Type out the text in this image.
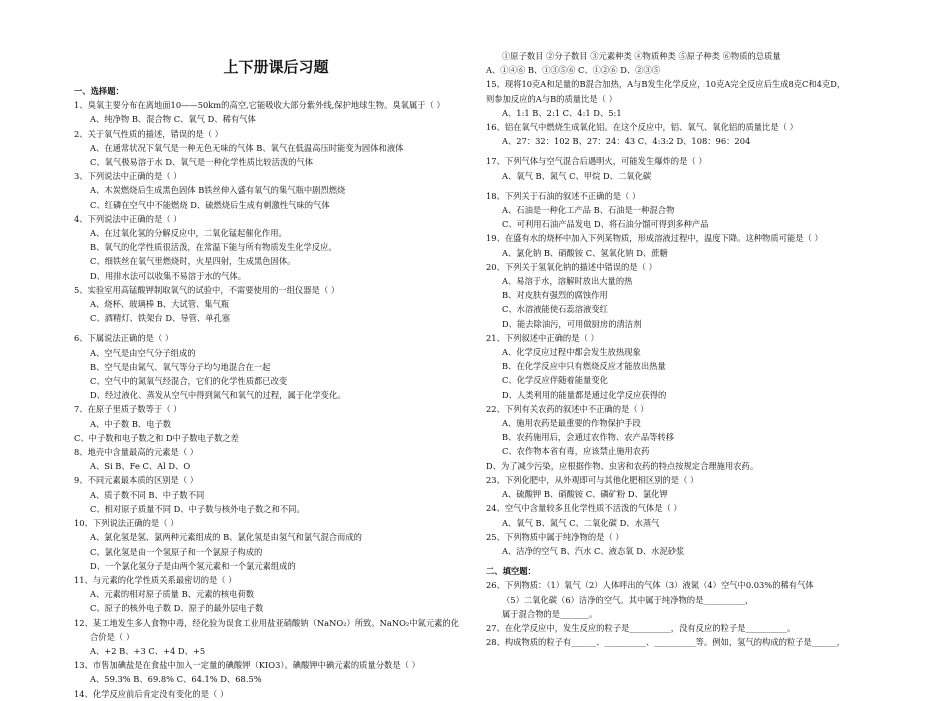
上下册课后习题
一、选择题：
1、臭氧主要分布在离地面10——50km的高空,它能吸收大部分紫外线,保护地球生物。臭氧属于（ ）
A、纯净物 B、混合物 C、氧气 D、稀有气体
2、关于氧气性质的描述，错误的是（ ）
A、在通常状况下氧气是一种无色无味的气体 B、氧气在低温高压时能变为固体和液体
C、氧气极易溶于水 D、氧气是一种化学性质比较活泼的气体
3、下列说法中正确的是（ ）
A、木炭燃烧后生成黑色固体 B铁丝伸入盛有氧气的集气瓶中剧烈燃烧
C、红磷在空气中不能燃烧 D、硫燃烧后生成有刺激性气味的气体
4、下列说法中正确的是（ ）
A、在过氧化氢的分解反应中，二氧化锰起催化作用。
B、氧气的化学性质很活泼，在常温下能与所有物质发生化学反应。
C、细铁丝在氧气里燃烧时，火星四射，生成黑色固体。
D、用排水法可以收集不易溶于水的气体。
5、实验室用高锰酸钾制取氧气的试验中，不需要使用的一组仪器是（ ）
A、烧杯、玻璃棒 B、大试管、集气瓶
C、酒精灯、铁架台 D、导管、单孔塞
6、下属说法正确的是（ ）
A、空气是由空气分子组成的
B、空气是由氮气、氧气等分子均匀地混合在一起
C、空气中的氮氧气经混合，它们的化学性质都已改变
D、经过液化、蒸发从空气中得到氮气和氧气的过程，属于化学变化。
7、在原子里质子数等于（ ）
A、中子数 B、电子数
C、中子数和电子数之和 D中子数电子数之差
8、地壳中含量最高的元素是（ ）
A、Si B、Fe C、Al D、O
9、不同元素最本质的区别是（ ）
A、质子数不同 B、中子数不同
C、相对原子质量不同 D、中子数与核外电子数之和不同。
10、下列说法正确的是（ ）
A、氯化氢是氢、氯两种元素组成的 B、氯化氢是由氢气和氯气混合而成的
C、氯化氢是由一个氢原子和一个氯原子构成的
D、一个氯化氢分子是由两个氢元素和一个氯元素组成的
11、与元素的化学性质关系最密切的是（ ）
A、元素的相对原子质量 B、元素的核电荷数
C、原子的核外电子数 D、原子的最外层电子数
12、某工地发生多人食物中毒，经化验为误食工业用盐亚硝酸钠（NaNO₂）所致。NaNO₂中氮元素的化
合价是（ ）
A、+2 B、+3 C、+4 D、+5
13、市售加碘盐是在食盐中加入一定量的碘酸钾（KIO3）。碘酸钾中碘元素的质量分数是（ ）
A、59.3% B、69.8% C、64.1% D、68.5%
14、化学反应前后肯定没有变化的是（ ）
①原子数目 ②分子数目 ③元素种类 ④物质种类 ⑤原子种类 ⑥物质的总质量
A、①④⑥ B、①③⑤⑥ C、①②⑥ D、②③⑤
15、现将10克A和足量的B混合加热，A与B发生化学反应，10克A完全反应后生成8克C和4克D，
则参加反应的A与B的质量比是（ ）
A、1:1 B、2:1 C、4:1 D、5:1
16、铝在氧气中燃烧生成氧化铝。在这个反应中，铝、氧气、氧化铝的质量比是（ ）
A、27：32：102 B、27：24：43 C、4:3:2 D、108：96：204
17、下列气体与空气混合后遇明火，可能发生爆炸的是（ ）
A、氧气 B、氮气 C、甲烷 D、二氧化碳
18、下列关于石油的叙述不正确的是（ ）
A、石油是一种化工产品 B、石油是一种混合物
C、可利用石油产品发电 D、将石油分馏可得到多种产品
19、在盛有水的烧杯中加入下列某物质，形成溶液过程中，温度下降。这种物质可能是（ ）
A、氯化钠 B、硝酸铵 C、氢氧化钠 D、蔗糖
20、下列关于氢氧化钠的描述中错误的是（ ）
A、易溶于水，溶解时放出大量的热
B、对皮肤有强烈的腐蚀作用
C、水溶液能使石蕊溶液变红
D、能去除油污，可用做厨房的清洁剂
21、下列叙述中正确的是（ ）
A、化学反应过程中都会发生放热现象
B、在化学反应中只有燃烧反应才能放出热量
C、化学反应伴随着能量变化
D、人类利用的能量都是通过化学反应获得的
22、下列有关农药的叙述中不正确的是（ ）
A、施用农药是最重要的作物保护手段
B、农药施用后，会通过农作物、农产品等转移
C、农作物本省有毒，应该禁止施用农药
D、为了减少污染，应根据作物、虫害和农药的特点按规定合理施用农药。
23、下列化肥中，从外观即可与其他化肥相区别的是（ ）
A、硫酸钾 B、硝酸铵 C、磷矿粉 D、氯化钾
24、空气中含量较多且化学性质不活泼的气体是（ ）
A、氧气 B、氮气 C、二氧化碳 D、水蒸气
25、下列物质中属于纯净物的是（ ）
A、洁净的空气 B、汽水 C、液态氧 D、水泥砂浆
二、填空题：
26、下列物质：（1）氧气（2）人体呼出的气体（3）液氮（4）空气中0.03%的稀有气体
（5）二氧化碳（6）洁净的空气。其中属于纯净物的是__________，
属于混合物的是_______。
27、在化学反应中，发生反应的粒子是__________，没有反应的粒子是__________。
28、构成物质的粒子有______、__________、__________等。例如，氢气的构成的粒子是______，
